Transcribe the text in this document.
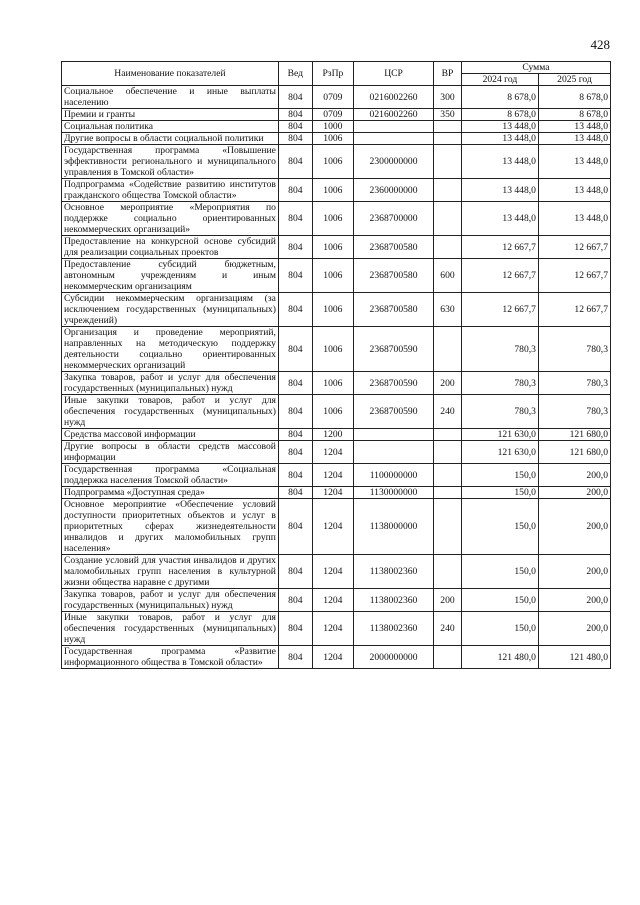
428
Наименование показателей	Вед	РзПр	ЦСР	ВР	Сумма	
					2024 год	2025 год
Социальное обеспечение и иные выплаты населению	804	0709	0216002260	300	8 678,0	8 678,0
Премии и гранты	804	0709	0216002260	350	8 678,0	8 678,0
Социальная политика	804	1000			13 448,0	13 448,0
Другие вопросы в области социальной политики	804	1006			13 448,0	13 448,0
Государственная программа «Повышение эффективности регионального и муниципального управления в Томской области»	804	1006	2300000000		13 448,0	13 448,0
Подпрограмма «Содействие развитию институтов гражданского общества Томской области»	804	1006	2360000000		13 448,0	13 448,0
Основное мероприятие «Мероприятия по поддержке социально ориентированных некоммерческих организаций»	804	1006	2368700000		13 448,0	13 448,0
Предоставление на конкурсной основе субсидий для реализации социальных проектов	804	1006	2368700580		12 667,7	12 667,7
Предоставление субсидий бюджетным, автономным учреждениям и иным некоммерческим организациям	804	1006	2368700580	600	12 667,7	12 667,7
Субсидии некоммерческим организациям (за исключением государственных (муниципальных) учреждений)	804	1006	2368700580	630	12 667,7	12 667,7
Организация и проведение мероприятий, направленных на методическую поддержку деятельности социально ориентированных некоммерческих организаций	804	1006	2368700590		780,3	780,3
Закупка товаров, работ и услуг для обеспечения государственных (муниципальных) нужд	804	1006	2368700590	200	780,3	780,3
Иные закупки товаров, работ и услуг для обеспечения государственных (муниципальных) нужд	804	1006	2368700590	240	780,3	780,3
Средства массовой информации	804	1200			121 630,0	121 680,0
Другие вопросы в области средств массовой информации	804	1204			121 630,0	121 680,0
Государственная программа «Социальная поддержка населения Томской области»	804	1204	1100000000		150,0	200,0
Подпрограмма «Доступная среда»	804	1204	1130000000		150,0	200,0
Основное мероприятие «Обеспечение условий доступности приоритетных объектов и услуг в приоритетных сферах жизнедеятельности инвалидов и других маломобильных групп населения»	804	1204	1138000000		150,0	200,0
Создание условий для участия инвалидов и других маломобильных групп населения в культурной жизни общества наравне с другими	804	1204	1138002360		150,0	200,0
Закупка товаров, работ и услуг для обеспечения государственных (муниципальных) нужд	804	1204	1138002360	200	150,0	200,0
Иные закупки товаров, работ и услуг для обеспечения государственных (муниципальных) нужд	804	1204	1138002360	240	150,0	200,0
Государственная программа «Развитие информационного общества в Томской области»	804	1204	2000000000		121 480,0	121 480,0
